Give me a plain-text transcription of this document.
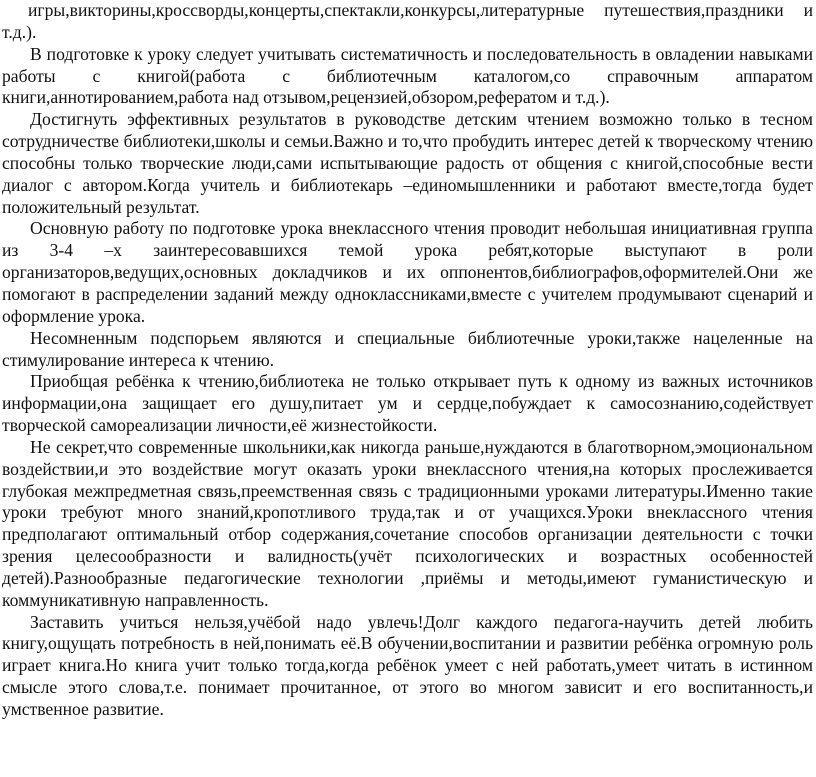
игры,викторины,кроссворды,концерты,спектакли,конкурсы,литературные путешествия,праздники и т.д.).

В подготовке к уроку следует учитывать систематичность и последовательность в овладении навыками работы с книгой(работа с библиотечным каталогом,со справочным аппаратом книги,аннотированием,работа над отзывом,рецензией,обзором,рефератом и т.д.).

Достигнуть эффективных результатов в руководстве детским чтением возможно только в тесном сотрудничестве библиотеки,школы и семьи.Важно и то,что пробудить интерес детей к творческому чтению способны только творческие люди,сами испытывающие радость от общения с книгой,способные вести диалог с автором.Когда учитель и библиотекарь –единомышленники и работают вместе,тогда будет положительный результат.

Основную работу по подготовке урока внеклассного чтения проводит небольшая инициативная группа из 3-4 –х заинтересовавшихся темой урока ребят,которые выступают в роли организаторов,ведущих,основных докладчиков и их оппонентов,библиографов,оформителей.Они же помогают в распределении заданий между одноклассниками,вместе с учителем продумывают сценарий и оформление урока.

Несомненным подспорьем являются и специальные библиотечные уроки,также нацеленные на стимулирование интереса к чтению.

Приобщая ребёнка к чтению,библиотека не только открывает путь к одному из важных источников информации,она защищает его душу,питает ум и сердце,побуждает к самосознанию,содействует творческой самореализации личности,её жизнестойкости.

Не секрет,что современные школьники,как никогда раньше,нуждаются в благотворном,эмоциональном воздействии,и это воздействие могут оказать уроки внеклассного чтения,на которых прослеживается глубокая межпредметная связь,преемственная связь с традиционными уроками литературы.Именно такие уроки требуют много знаний,кропотливого труда,так и от учащихся.Уроки внеклассного чтения предполагают оптимальный отбор содержания,сочетание способов организации деятельности с точки зрения целесообразности и валидность(учёт психологических и возрастных особенностей детей).Разнообразные педагогические технологии ,приёмы и методы,имеют гуманистическую и коммуникативную направленность.

Заставить учиться нельзя,учёбой надо увлечь!Долг каждого педагога-научить детей любить книгу,ощущать потребность в ней,понимать её.В обучении,воспитании и развитии ребёнка огромную роль играет книга.Но книга учит только тогда,когда ребёнок умеет с ней работать,умеет читать в истинном смысле этого слова,т.е. понимает прочитанное, от этого во многом зависит и его воспитанность,и умственное развитие.
